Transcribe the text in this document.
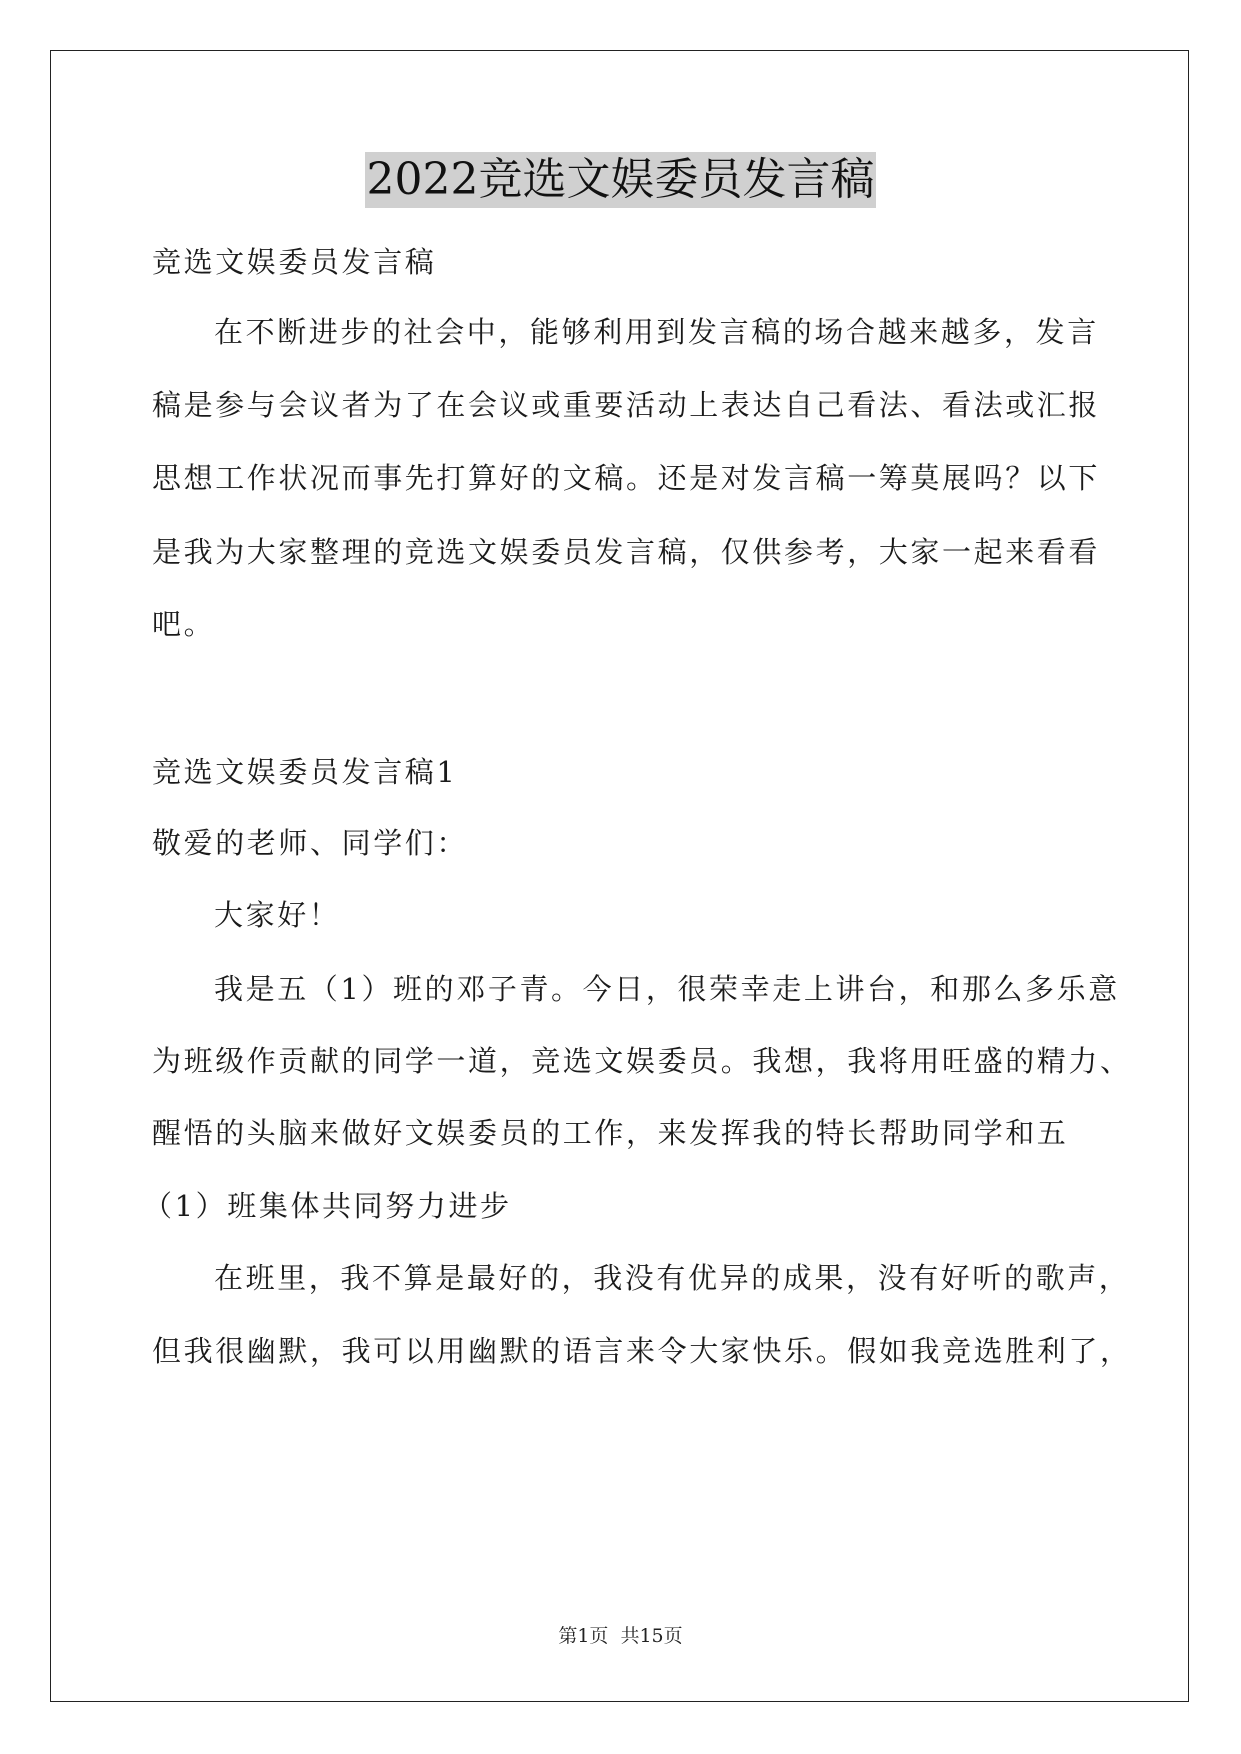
2022竞选文娱委员发言稿
竞选文娱委员发言稿
在不断进步的社会中，能够利用到发言稿的场合越来越多，发言
稿是参与会议者为了在会议或重要活动上表达自己看法、看法或汇报
思想工作状况而事先打算好的文稿。还是对发言稿一筹莫展吗？以下
是我为大家整理的竞选文娱委员发言稿，仅供参考，大家一起来看看
吧。
竞选文娱委员发言稿1
敬爱的老师、同学们：
大家好！
我是五（1）班的邓子青。今日，很荣幸走上讲台，和那么多乐意
为班级作贡献的同学一道，竞选文娱委员。我想，我将用旺盛的精力、
醒悟的头脑来做好文娱委员的工作，来发挥我的特长帮助同学和五
（1）班集体共同努力进步
在班里，我不算是最好的，我没有优异的成果，没有好听的歌声，
但我很幽默，我可以用幽默的语言来令大家快乐。假如我竞选胜利了，
第1页 共15页
